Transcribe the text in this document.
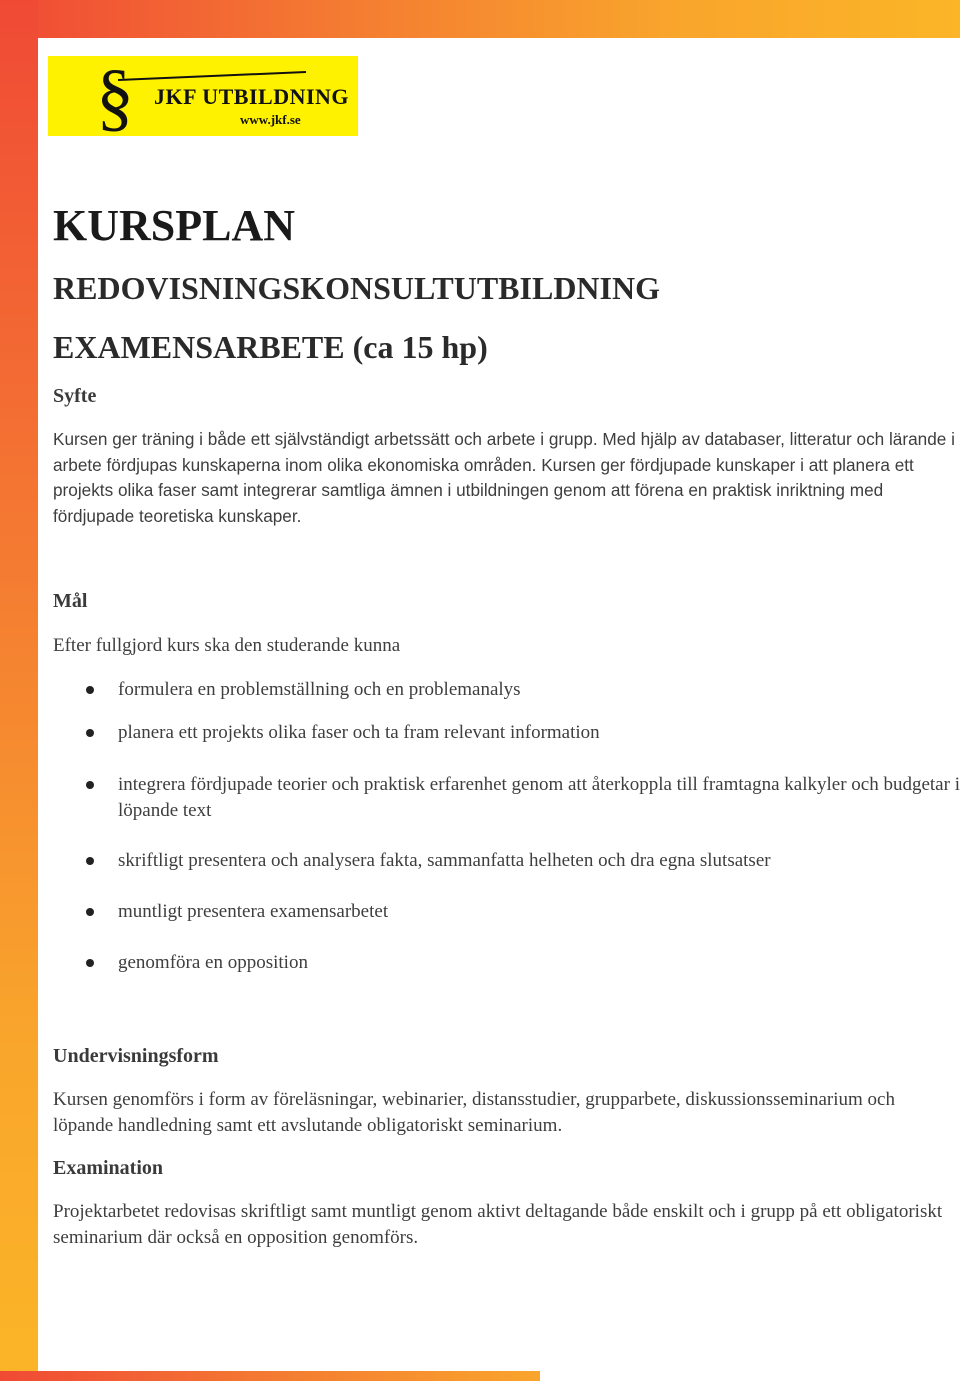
§ JKF UTBILDNING
www.jkf.se
KURSPLAN
REDOVISNINGSKONSULTUTBILDNING
EXAMENSARBETE (ca 15 hp)
Syfte

Kursen ger träning i både ett självständigt arbetssätt och arbete i grupp. Med hjälp av databaser, litteratur och lärande i arbete fördjupas kunskaperna inom olika ekonomiska områden. Kursen ger fördjupade kunskaper i att planera ett projekts olika faser samt integrerar samtliga ämnen i utbildningen genom att förena en praktisk inriktning med fördjupade teoretiska kunskaper.

Mål

Efter fullgjord kurs ska den studerande kunna

formulera en problemställning och en problemanalys
planera ett projekts olika faser och ta fram relevant information
integrera fördjupade teorier och praktisk erfarenhet genom att återkoppla till framtagna kalkyler och budgetar i löpande text
skriftligt presentera och analysera fakta, sammanfatta helheten och dra egna slutsatser
muntligt presentera examensarbetet
genomföra en opposition
Undervisningsform

Kursen genomförs i form av föreläsningar, webinarier, distansstudier, grupparbete, diskussionsseminarium och löpande handledning samt ett avslutande obligatoriskt seminarium.

Examination

Projektarbetet redovisas skriftligt samt muntligt genom aktivt deltagande både enskilt och i grupp på ett obligatoriskt seminarium där också en opposition genomförs.
